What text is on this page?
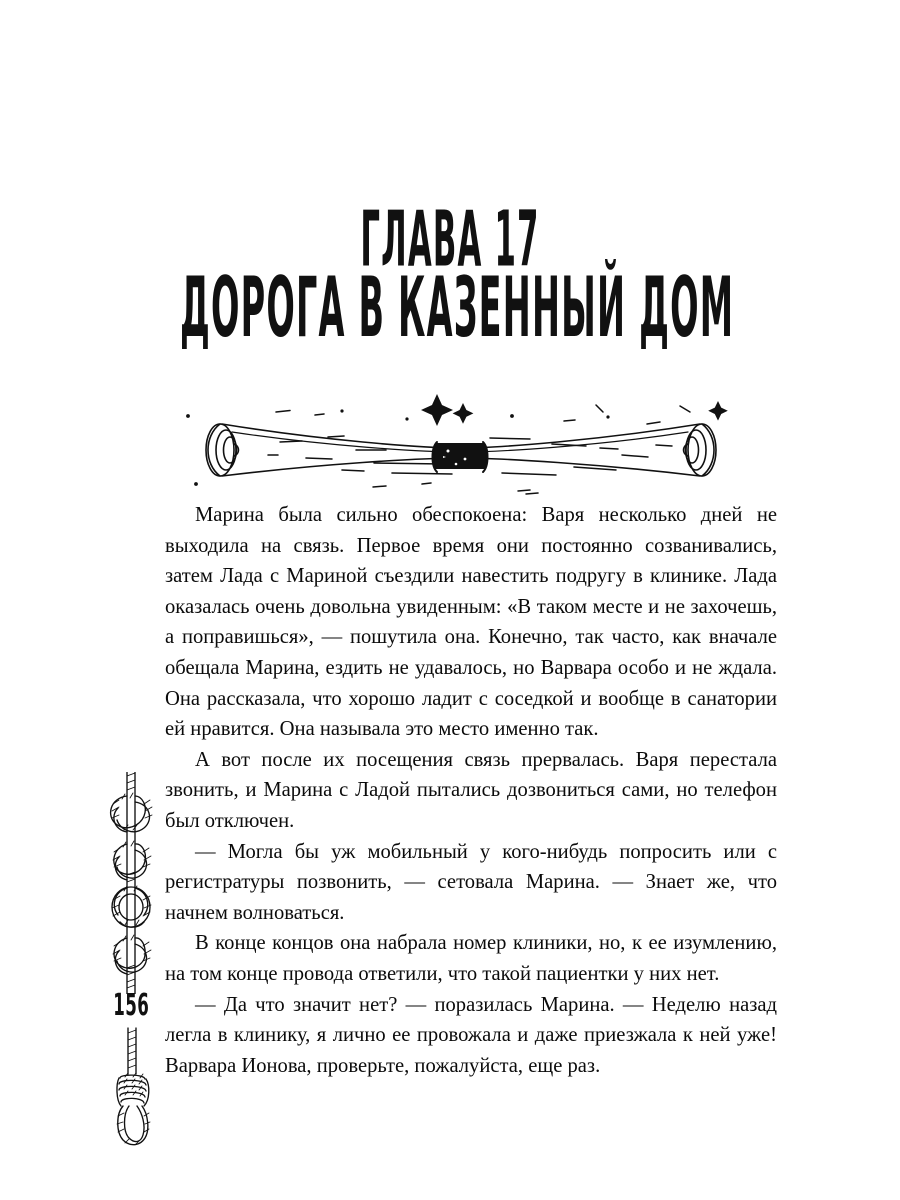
ГЛАВА 17
ДОРОГА В КАЗЕННЫЙ ДОМ

Марина была сильно обеспокоена: Варя несколько дней не выходила на связь. Первое время они постоянно созванивались, затем Лада с Мариной съездили навестить подругу в клинике. Лада оказалась очень довольна увиденным: «В таком месте и не захочешь, а поправишься», — пошутила она. Конечно, так часто, как вначале обещала Марина, ездить не удавалось, но Варвара особо и не ждала. Она рассказала, что хорошо ладит с соседкой и вообще в санатории ей нравится. Она называла это место именно так.

А вот после их посещения связь прервалась. Варя перестала звонить, и Марина с Ладой пытались дозвониться сами, но телефон был отключен.

— Могла бы уж мобильный у кого-нибудь попросить или с регистратуры позвонить, — сетовала Марина. — Знает же, что начнем волноваться.

В конце концов она набрала номер клиники, но, к ее изумлению, на том конце провода ответили, что такой пациентки у них нет.

— Да что значит нет? — поразилась Марина. — Неделю назад легла в клинику, я лично ее провожала и даже приезжала к ней уже! Варвара Ионова, проверьте, пожалуйста, еще раз.

156
